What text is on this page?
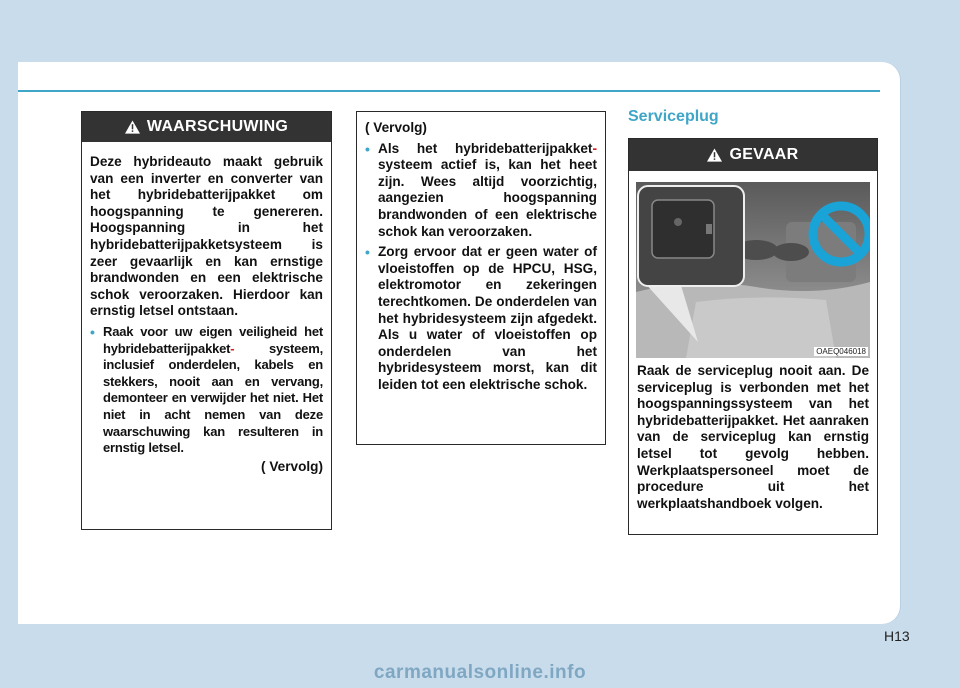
WAARSCHUWING

Deze hybrideauto maakt gebruik van een inverter en converter van het hybridebatterijpakket om hoogspanning te genereren. Hoogspanning in het hybridebatterijpakketsysteem is zeer gevaarlijk en kan ernstige brandwonden en een elektrische schok veroorzaken. Hierdoor kan ernstig letsel ontstaan.

• Raak voor uw eigen veiligheid het hybridebatterijpakket-	systeem, inclusief onderdelen, kabels en stekkers, nooit aan en vervang, demonteer en verwijder het niet. Het niet in acht nemen van deze waarschuwing kan resulteren in ernstig letsel.
( Vervolg)

( Vervolg)

• Als het hybridebatterijpakket- systeem actief is, kan het heet zijn. Wees altijd voorzichtig, aangezien hoogspanning brandwonden of een elektrische schok kan veroorzaken.
• Zorg ervoor dat er geen water of vloeistoffen op de HPCU, HSG, elektromotor en zekeringen terechtkomen. De onderdelen van het hybridesysteem zijn afgedekt. Als u water of vloeistoffen op onderdelen van het hybridesysteem morst, kan dit leiden tot een elektrische schok.
Serviceplug
GEVAAR

Raak de serviceplug nooit aan. De serviceplug is verbonden met het hoogspanningssysteem van het hybridebatterijpakket. Het aanraken van de serviceplug kan ernstig letsel tot gevolg hebben. Werkplaatspersoneel moet de procedure uit het werkplaatshandboek volgen.

OAEQ046018
H13
carmanualsonline.info
